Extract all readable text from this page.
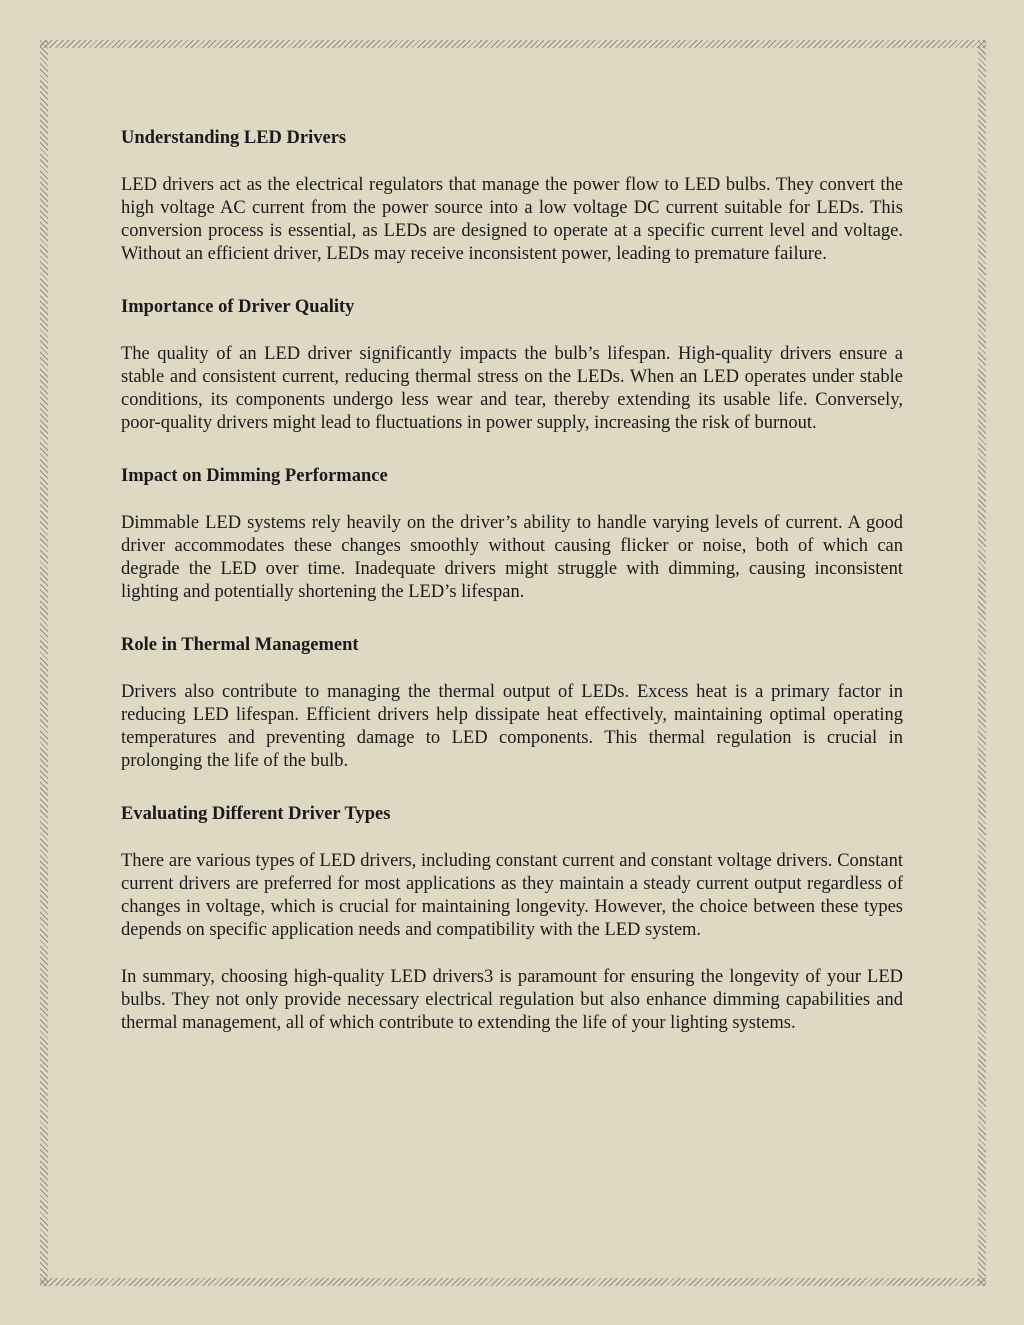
Understanding LED Drivers

LED drivers act as the electrical regulators that manage the power flow to LED bulbs. They convert the high voltage AC current from the power source into a low voltage DC current suitable for LEDs. This conversion process is essential, as LEDs are designed to operate at a specific current level and voltage. Without an efficient driver, LEDs may receive inconsistent power, leading to premature failure.

Importance of Driver Quality

The quality of an LED driver significantly impacts the bulb’s lifespan. High-quality drivers ensure a stable and consistent current, reducing thermal stress on the LEDs. When an LED operates under stable conditions, its components undergo less wear and tear, thereby extending its usable life. Conversely, poor-quality drivers might lead to fluctuations in power supply, increasing the risk of burnout.

Impact on Dimming Performance

Dimmable LED systems rely heavily on the driver’s ability to handle varying levels of current. A good driver accommodates these changes smoothly without causing flicker or noise, both of which can degrade the LED over time. Inadequate drivers might struggle with dimming, causing inconsistent lighting and potentially shortening the LED’s lifespan.

Role in Thermal Management

Drivers also contribute to managing the thermal output of LEDs. Excess heat is a primary factor in reducing LED lifespan. Efficient drivers help dissipate heat effectively, maintaining optimal operating temperatures and preventing damage to LED components. This thermal regulation is crucial in prolonging the life of the bulb.

Evaluating Different Driver Types

There are various types of LED drivers, including constant current and constant voltage drivers. Constant current drivers are preferred for most applications as they maintain a steady current output regardless of changes in voltage, which is crucial for maintaining longevity. However, the choice between these types depends on specific application needs and compatibility with the LED system.

In summary, choosing high-quality LED drivers3 is paramount for ensuring the longevity of your LED bulbs. They not only provide necessary electrical regulation but also enhance dimming capabilities and thermal management, all of which contribute to extending the life of your lighting systems.
